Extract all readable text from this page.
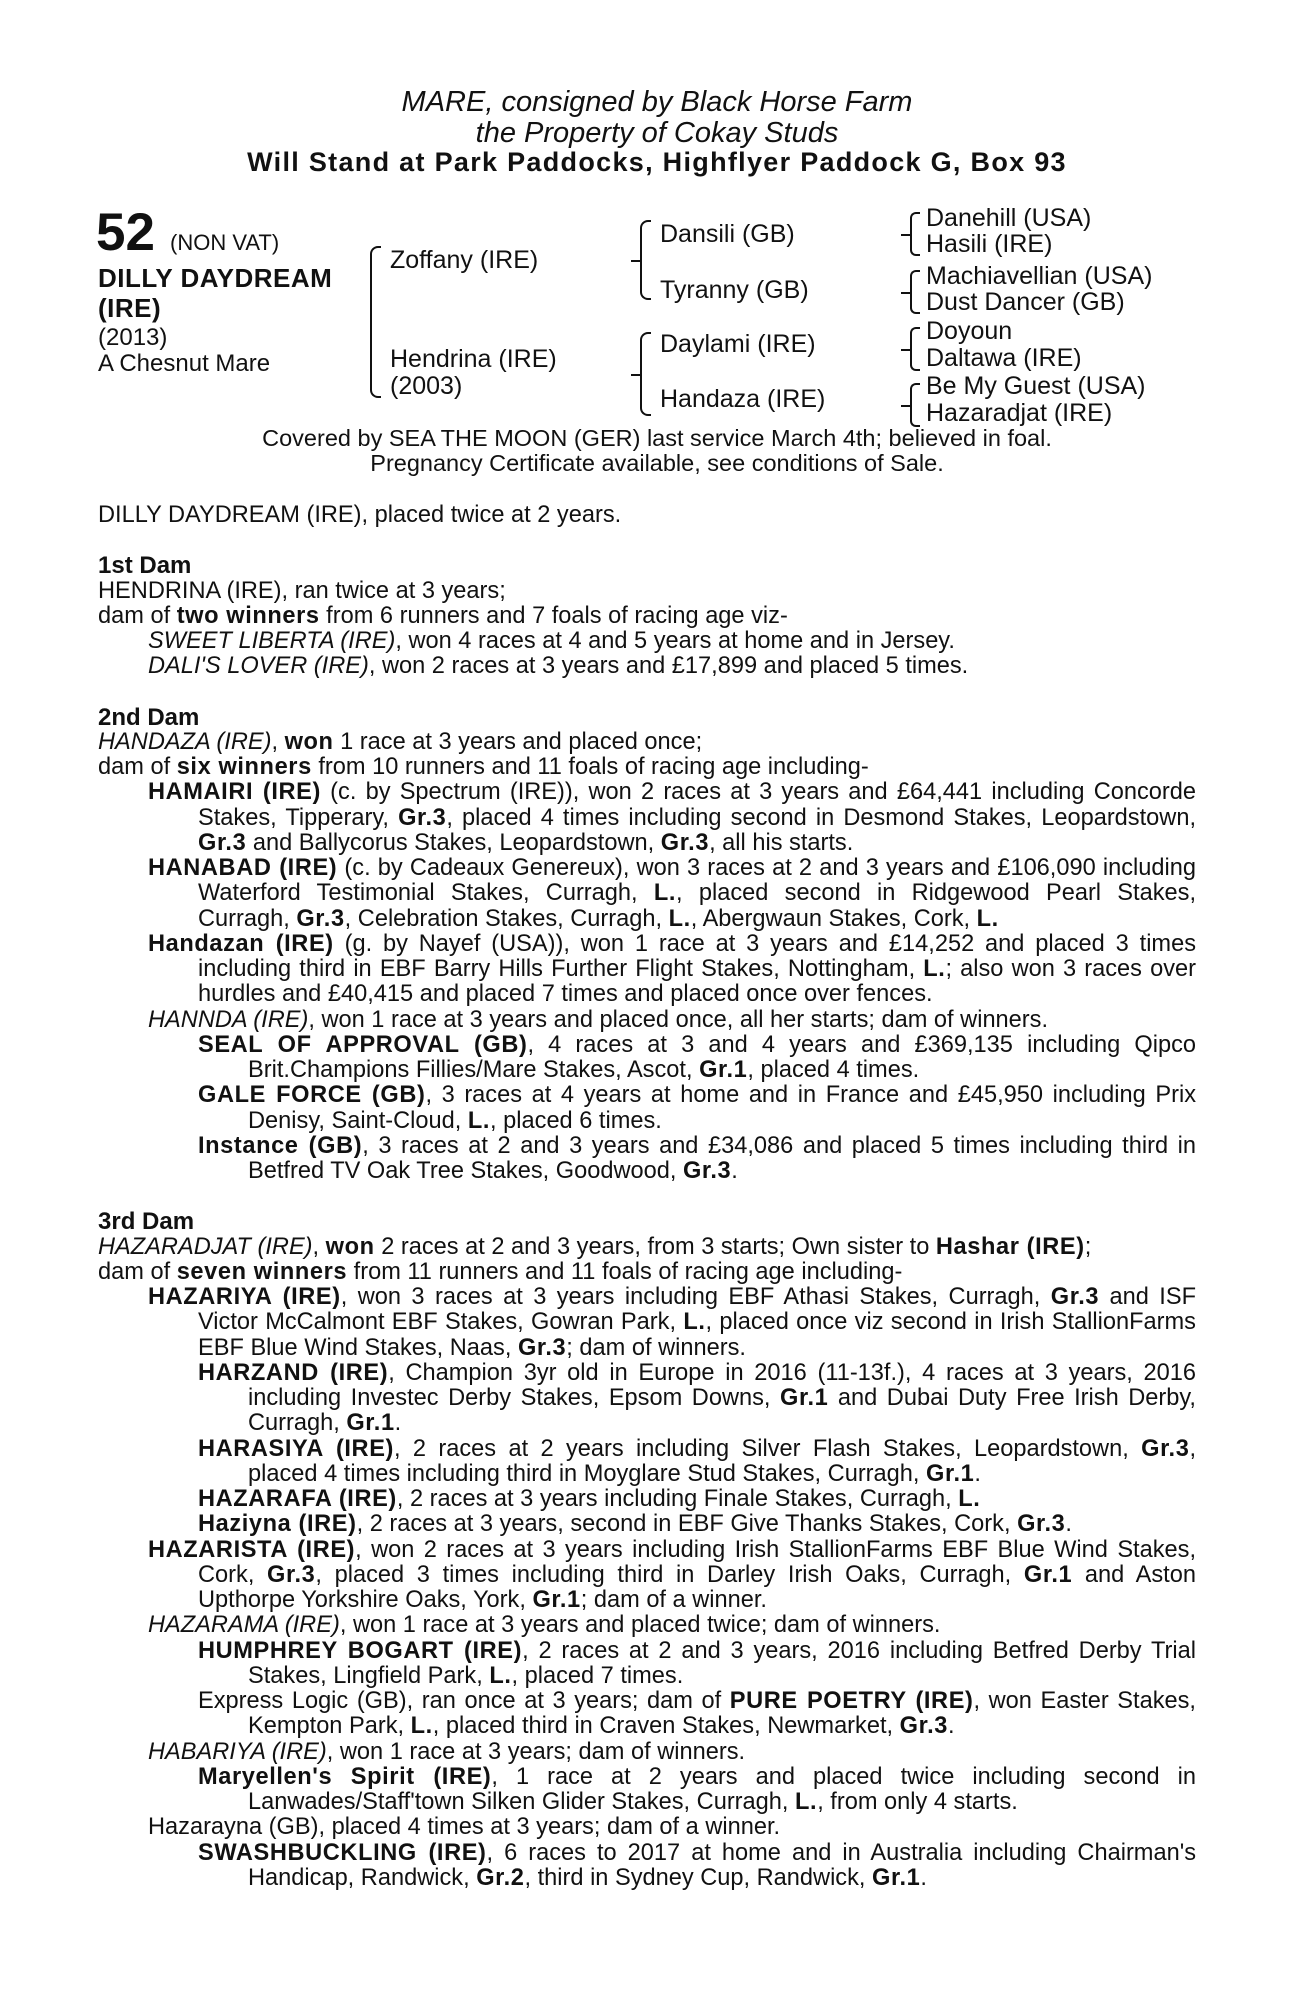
MARE, consigned by Black Horse Farm
the Property of Cokay Studs
Will Stand at Park Paddocks, Highflyer Paddock G, Box 93
52 (NON VAT)
DILLY DAYDREAM
(IRE)
(2013)
A Chesnut Mare
Zoffany (IRE)
Hendrina (IRE)
(2003)
Dansili (GB)
Tyranny (GB)
Daylami (IRE)
Handaza (IRE)
Danehill (USA)
Hasili (IRE)
Machiavellian (USA)
Dust Dancer (GB)
Doyoun
Daltawa (IRE)
Be My Guest (USA)
Hazaradjat (IRE)
Covered by SEA THE MOON (GER) last service March 4th; believed in foal.
Pregnancy Certificate available, see conditions of Sale.

DILLY DAYDREAM (IRE), placed twice at 2 years.

1st Dam

HENDRINA (IRE), ran twice at 3 years;

dam of two winners from 6 runners and 7 foals of racing age viz-

SWEET LIBERTA (IRE), won 4 races at 4 and 5 years at home and in Jersey.

DALI'S LOVER (IRE), won 2 races at 3 years and £17,899 and placed 5 times.

2nd Dam

HANDAZA (IRE), won 1 race at 3 years and placed once;

dam of six winners from 10 runners and 11 foals of racing age including-

HAMAIRI (IRE) (c. by Spectrum (IRE)), won 2 races at 3 years and £64,441 including Concorde Stakes, Tipperary, Gr.3, placed 4 times including second in Desmond Stakes, Leopardstown, Gr.3 and Ballycorus Stakes, Leopardstown, Gr.3, all his starts.

HANABAD (IRE) (c. by Cadeaux Genereux), won 3 races at 2 and 3 years and £106,090 including Waterford Testimonial Stakes, Curragh, L., placed second in Ridgewood Pearl Stakes, Curragh, Gr.3, Celebration Stakes, Curragh, L., Abergwaun Stakes, Cork, L.

Handazan (IRE) (g. by Nayef (USA)), won 1 race at 3 years and £14,252 and placed 3 times including third in EBF Barry Hills Further Flight Stakes, Nottingham, L.; also won 3 races over hurdles and £40,415 and placed 7 times and placed once over fences.

HANNDA (IRE), won 1 race at 3 years and placed once, all her starts; dam of winners.

SEAL OF APPROVAL (GB), 4 races at 3 and 4 years and £369,135 including Qipco Brit.Champions Fillies/Mare Stakes, Ascot, Gr.1, placed 4 times.

GALE FORCE (GB), 3 races at 4 years at home and in France and £45,950 including Prix Denisy, Saint-Cloud, L., placed 6 times.

Instance (GB), 3 races at 2 and 3 years and £34,086 and placed 5 times including third in Betfred TV Oak Tree Stakes, Goodwood, Gr.3.

3rd Dam

HAZARADJAT (IRE), won 2 races at 2 and 3 years, from 3 starts; Own sister to Hashar (IRE);

dam of seven winners from 11 runners and 11 foals of racing age including-

HAZARIYA (IRE), won 3 races at 3 years including EBF Athasi Stakes, Curragh, Gr.3 and ISF Victor McCalmont EBF Stakes, Gowran Park, L., placed once viz second in Irish StallionFarms EBF Blue Wind Stakes, Naas, Gr.3; dam of winners.

HARZAND (IRE), Champion 3yr old in Europe in 2016 (11-13f.), 4 races at 3 years, 2016 including Investec Derby Stakes, Epsom Downs, Gr.1 and Dubai Duty Free Irish Derby, Curragh, Gr.1.

HARASIYA (IRE), 2 races at 2 years including Silver Flash Stakes, Leopardstown, Gr.3, placed 4 times including third in Moyglare Stud Stakes, Curragh, Gr.1.

HAZARAFA (IRE), 2 races at 3 years including Finale Stakes, Curragh, L.

Haziyna (IRE), 2 races at 3 years, second in EBF Give Thanks Stakes, Cork, Gr.3.

HAZARISTA (IRE), won 2 races at 3 years including Irish StallionFarms EBF Blue Wind Stakes, Cork, Gr.3, placed 3 times including third in Darley Irish Oaks, Curragh, Gr.1 and Aston Upthorpe Yorkshire Oaks, York, Gr.1; dam of a winner.

HAZARAMA (IRE), won 1 race at 3 years and placed twice; dam of winners.

HUMPHREY BOGART (IRE), 2 races at 2 and 3 years, 2016 including Betfred Derby Trial Stakes, Lingfield Park, L., placed 7 times.

Express Logic (GB), ran once at 3 years; dam of PURE POETRY (IRE), won Easter Stakes, Kempton Park, L., placed third in Craven Stakes, Newmarket, Gr.3.

HABARIYA (IRE), won 1 race at 3 years; dam of winners.

Maryellen's Spirit (IRE), 1 race at 2 years and placed twice including second in Lanwades/Staff'town Silken Glider Stakes, Curragh, L., from only 4 starts.

Hazarayna (GB), placed 4 times at 3 years; dam of a winner.

SWASHBUCKLING (IRE), 6 races to 2017 at home and in Australia including Chairman's Handicap, Randwick, Gr.2, third in Sydney Cup, Randwick, Gr.1.
